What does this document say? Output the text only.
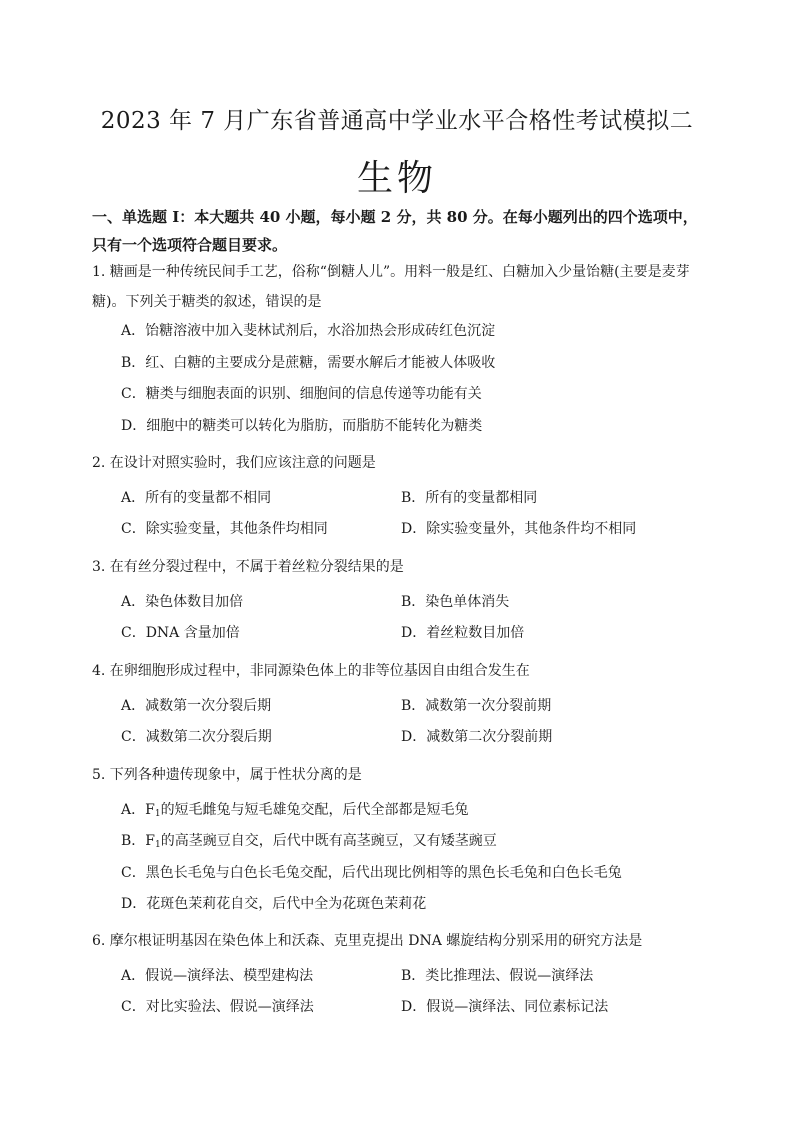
2023 年 7 月广东省普通高中学业水平合格性考试模拟二
生物
一、单选题 I：本大题共 40 小题，每小题 2 分，共 80 分。在每小题列出的四个选项中，
只有一个选项符合题目要求。
1. 糖画是一种传统民间手工艺，俗称“倒糖人儿”。用料一般是红、白糖加入少量饴糖(主要是麦芽
糖)。下列关于糖类的叙述，错误的是
A．饴糖溶液中加入斐林试剂后，水浴加热会形成砖红色沉淀
B．红、白糖的主要成分是蔗糖，需要水解后才能被人体吸收
C．糖类与细胞表面的识别、细胞间的信息传递等功能有关
D．细胞中的糖类可以转化为脂肪，而脂肪不能转化为糖类
2. 在设计对照实验时，我们应该注意的问题是
A．所有的变量都不相同	B．所有的变量都相同
C．除实验变量，其他条件均相同	D．除实验变量外，其他条件均不相同
3. 在有丝分裂过程中，不属于着丝粒分裂结果的是
A．染色体数目加倍	B．染色单体消失
C．DNA 含量加倍	D．着丝粒数目加倍
4. 在卵细胞形成过程中，非同源染色体上的非等位基因自由组合发生在
A．减数第一次分裂后期	B．减数第一次分裂前期
C．减数第二次分裂后期	D．减数第二次分裂前期
5. 下列各种遗传现象中，属于性状分离的是
A．$F_1$的短毛雌兔与短毛雄兔交配，后代全部都是短毛兔
B．$F_1$的高茎豌豆自交，后代中既有高茎豌豆，又有矮茎豌豆
C．黑色长毛兔与白色长毛兔交配，后代出现比例相等的黑色长毛兔和白色长毛兔
D．花斑色茉莉花自交，后代中全为花斑色茉莉花
6. 摩尔根证明基因在染色体上和沃森、克里克提出 DNA 螺旋结构分别采用的研究方法是
A．假说—演绎法、模型建构法	B．类比推理法、假说—演绎法
C．对比实验法、假说—演绎法	D．假说—演绎法、同位素标记法
